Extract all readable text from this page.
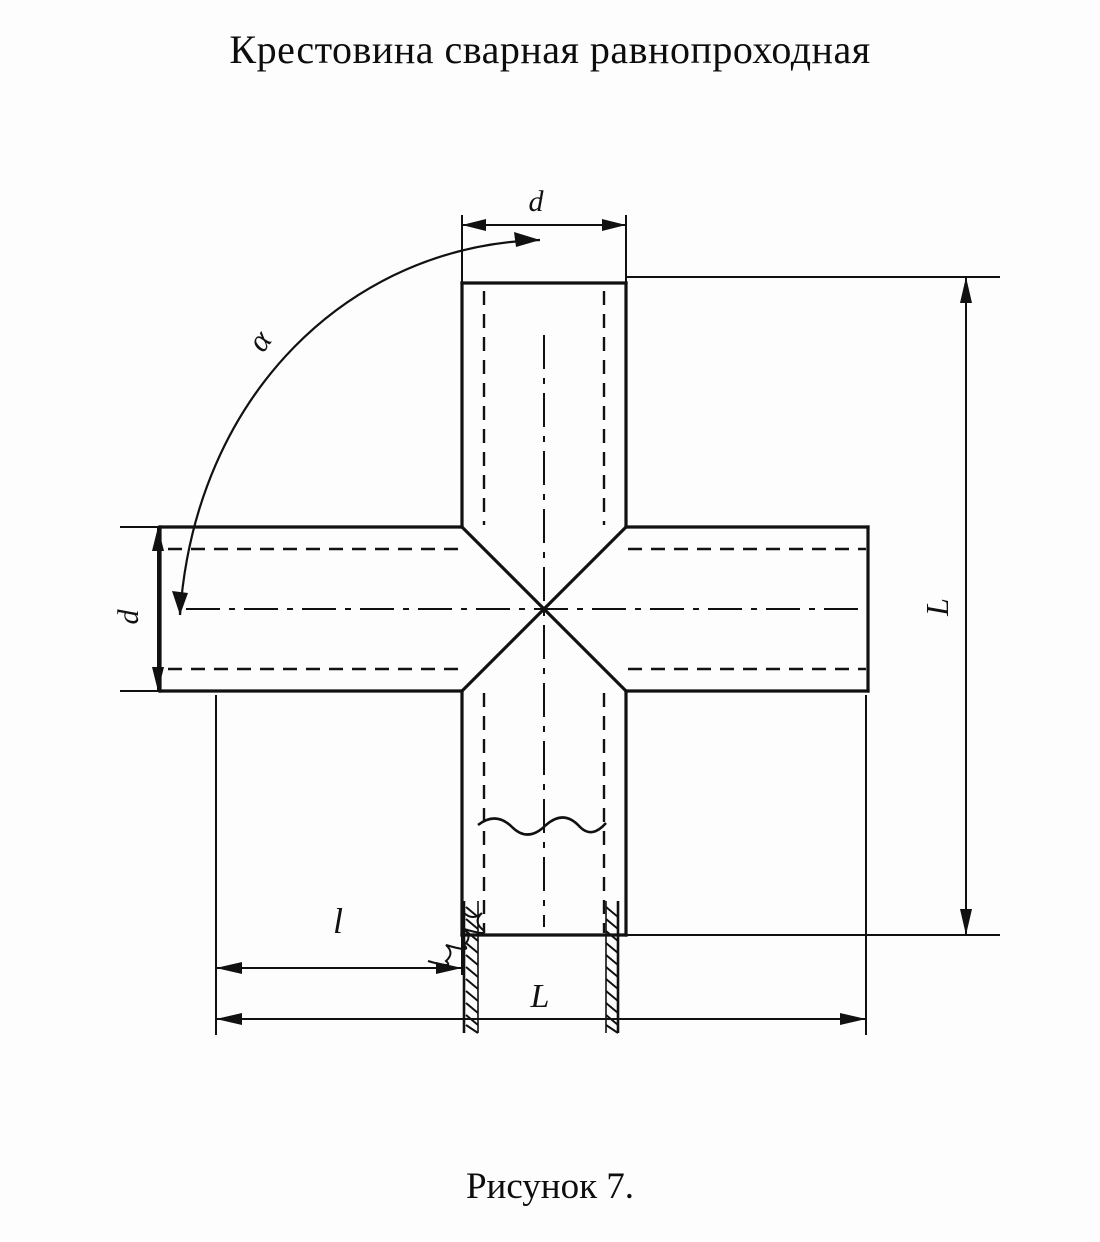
Крестовина сварная равнопроходная
d
d
L
L
l
α
Рисунок 7.
